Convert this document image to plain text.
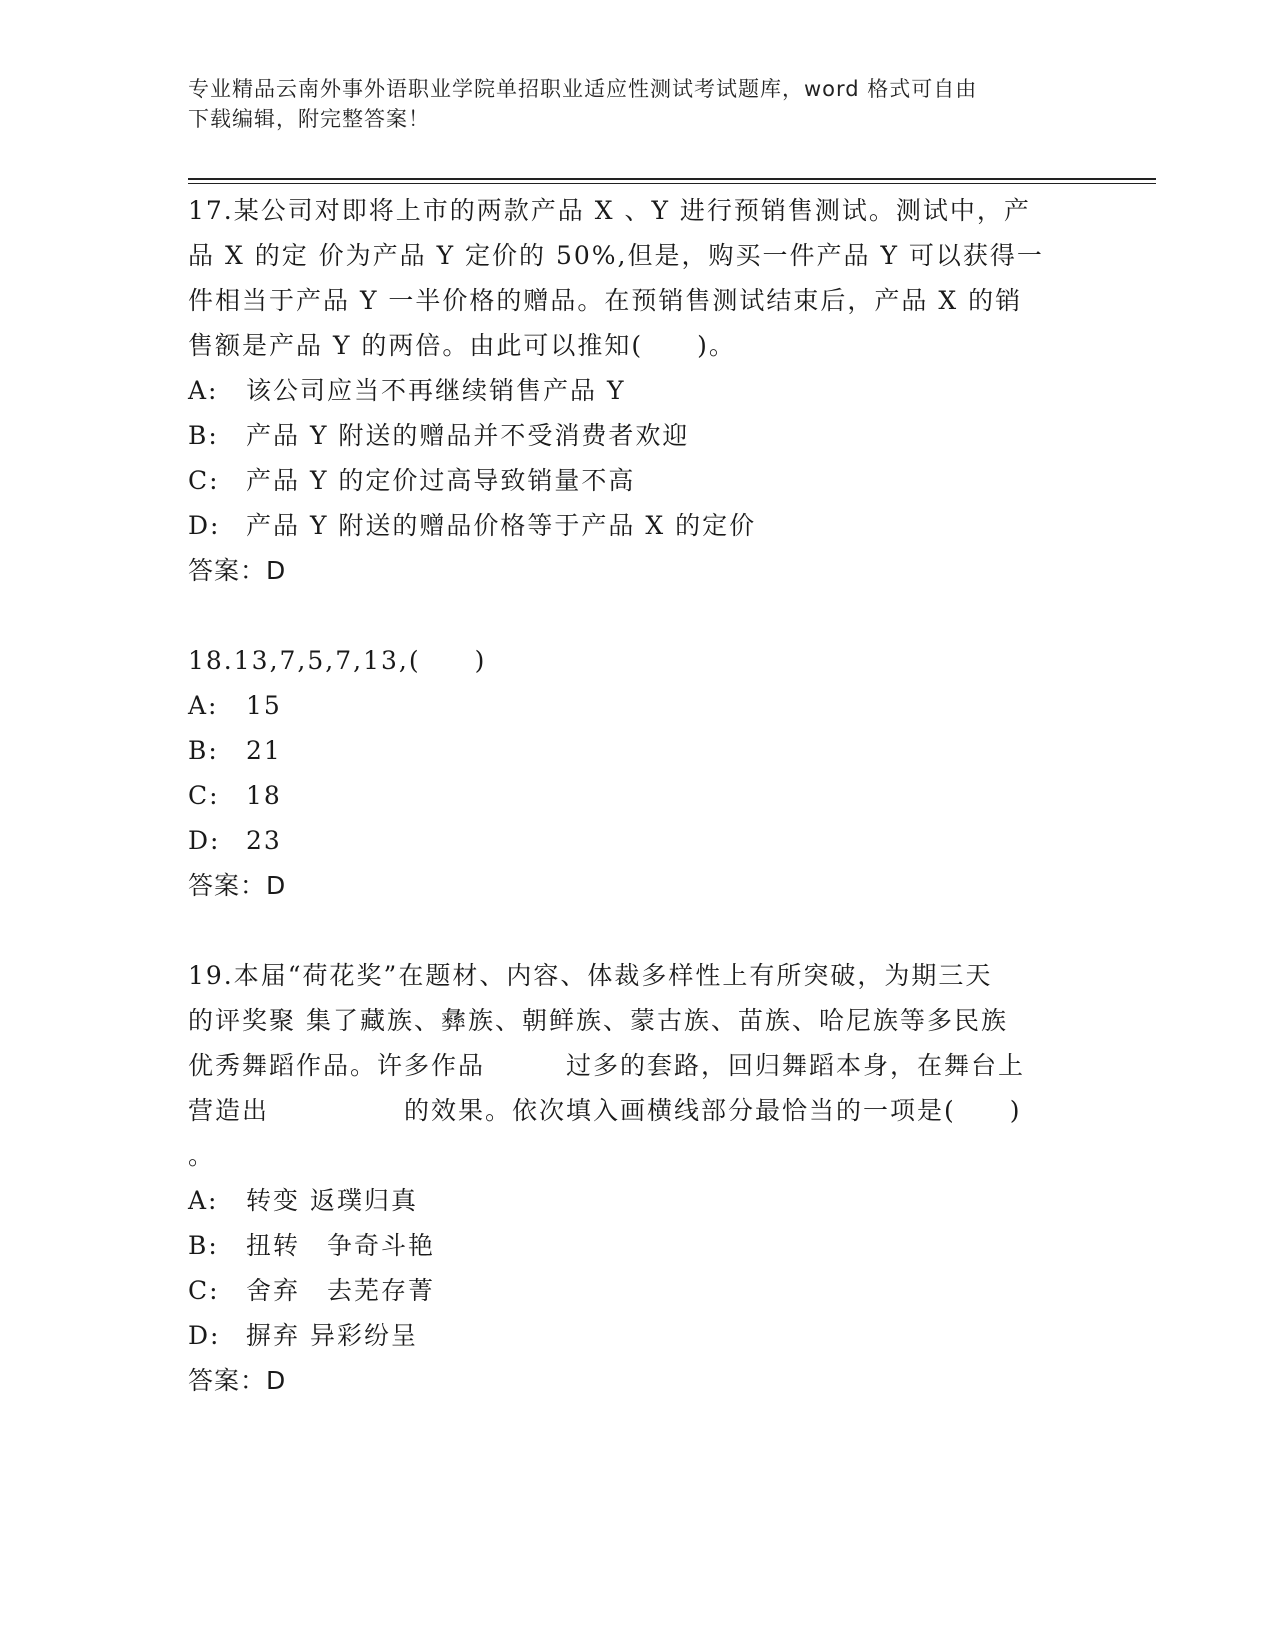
专业精品云南外事外语职业学院单招职业适应性测试考试题库，word 格式可自由
下载编辑，附完整答案！
17.某公司对即将上市的两款产品 X 、Y 进行预销售测试。测试中，产
品 X 的定 价为产品 Y 定价的 50%,但是，购买一件产品 Y 可以获得一
件相当于产品 Y 一半价格的赠品。在预销售测试结束后，产品 X 的销
售额是产品 Y 的两倍。由此可以推知(　　)。
A:	该公司应当不再继续销售产品 Y
B:	产品 Y 附送的赠品并不受消费者欢迎
C:	产品 Y 的定价过高导致销量不高
D:	产品 Y 附送的赠品价格等于产品 X 的定价
答案：D
18.13,7,5,7,13,(　　)
A:	15
B:	21
C:	18
D:	23
答案：D
19.本届“荷花奖”在题材、内容、体裁多样性上有所突破，为期三天
的评奖聚 集了藏族、彝族、朝鲜族、蒙古族、苗族、哈尼族等多民族
优秀舞蹈作品。许多作品　　　过多的套路，回归舞蹈本身，在舞台上
营造出　　　　　的效果。依次填入画横线部分最恰当的一项是(　　)
。
A:	转变 返璞归真
B:	扭转　争奇斗艳
C:	舍弃　去芜存菁
D:	摒弃 异彩纷呈
答案：D
